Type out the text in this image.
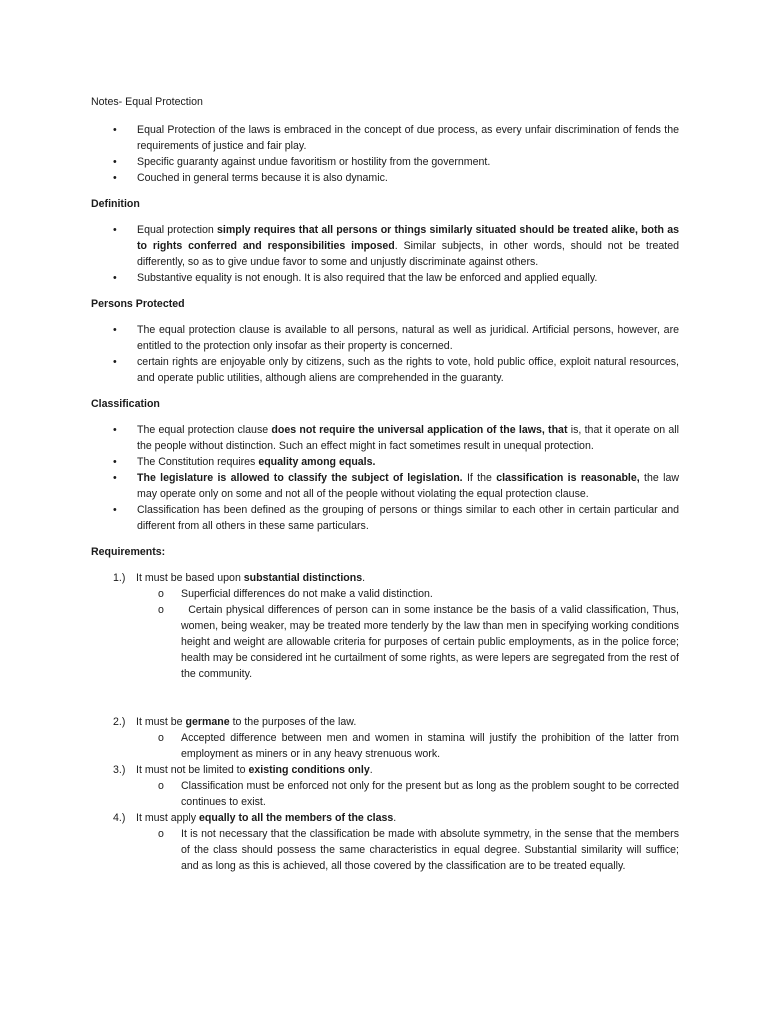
Notes- Equal Protection

• Equal Protection of the laws is embraced in the concept of due process, as every unfair discrimination of fends the requirements of justice and fair play.
• Specific guaranty against undue favoritism or hostility from the government.
• Couched in general terms because it is also dynamic.

Definition

• Equal protection simply requires that all persons or things similarly situated should be treated alike, both as to rights conferred and responsibilities imposed. Similar subjects, in other words, should not be treated differently, so as to give undue favor to some and unjustly discriminate against others.
• Substantive equality is not enough. It is also required that the law be enforced and applied equally.

Persons Protected

• The equal protection clause is available to all persons, natural as well as juridical. Artificial persons, however, are entitled to the protection only insofar as their property is concerned.
• certain rights are enjoyable only by citizens, such as the rights to vote, hold public office, exploit natural resources, and operate public utilities, although aliens are comprehended in the guaranty.

Classification

• The equal protection clause does not require the universal application of the laws, that is, that it operate on all the people without distinction. Such an effect might in fact sometimes result in unequal protection.
• The Constitution requires equality among equals.
• The legislature is allowed to classify the subject of legislation. If the classification is reasonable, the law may operate only on some and not all of the people without violating the equal protection clause.
• Classification has been defined as the grouping of persons or things similar to each other in certain particular and different from all others in these same particulars.

Requirements:

1.) It must be based upon substantial distinctions.
o Superficial differences do not make a valid distinction.
o Certain physical differences of person can in some instance be the basis of a valid classification, Thus, women, being weaker, may be treated more tenderly by the law than men in specifying working conditions height and weight are allowable criteria for purposes of certain public employments, as in the police force; health may be considered int he curtailment of some rights, as were lepers are segregated from the rest of the community.
2.) It must be germane to the purposes of the law.
o Accepted difference between men and women in stamina will justify the prohibition of the latter from employment as miners or in any heavy strenuous work.
3.) It must not be limited to existing conditions only.
o Classification must be enforced not only for the present but as long as the problem sought to be corrected continues to exist.
4.) It must apply equally to all the members of the class.
o It is not necessary that the classification be made with absolute symmetry, in the sense that the members of the class should possess the same characteristics in equal degree. Substantial similarity will suffice; and as long as this is achieved, all those covered by the classification are to be treated equally.
